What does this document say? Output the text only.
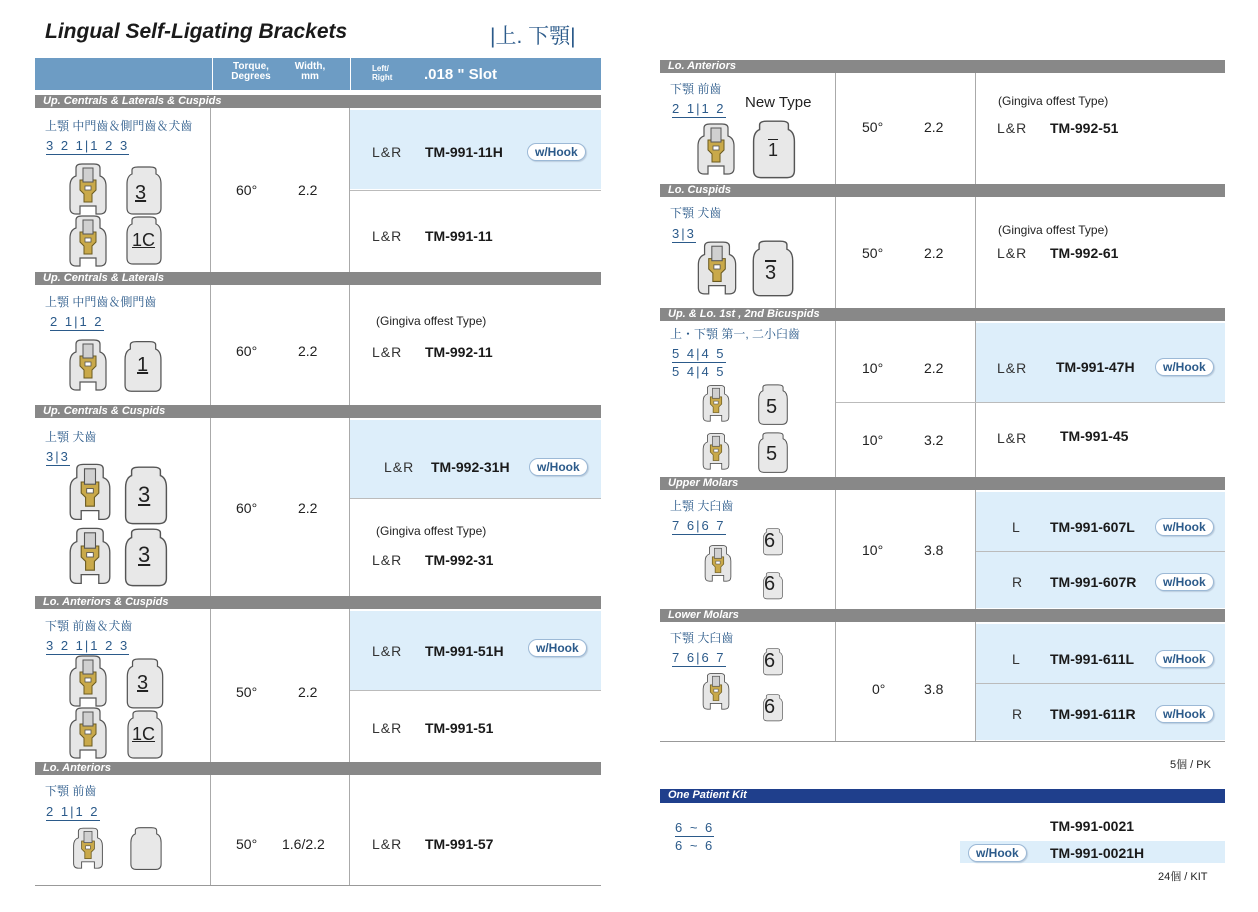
Lingual Self-Ligating Brackets	|上. 下顎|
Torque, Degrees
Width, mm
Left/ Right	.018 " Slot
Up. Centrals & Laterals & Cuspids
上顎 中門齒＆側門齒＆犬齒
3 2 1|1 2 3
3
1C
60°	2.2
L&R TM-991-11H	w/Hook
L&R TM-991-11
Up. Centrals & Laterals
上顎 中門齒＆側門齒
2 1|1 2
1
60°	2.2
(Gingiva offest Type)
L&R TM-992-11
Up. Centrals & Cuspids
上顎 犬齒
3|3
3
3
60°	2.2
L&R TM-992-31H	w/Hook
(Gingiva offest Type)
L&R TM-992-31
Lo. Anteriors & Cuspids
下顎 前齒＆犬齒
3 2 1|1 2 3
3
1C
50°	2.2
L&R TM-991-51H	w/Hook
L&R TM-991-51
Lo. Anteriors
下顎 前齒
2 1|1 2
50° 1.6/2.2	L&R TM-991-57
Lo. Anteriors
下顎 前齒
2 1|1 2 New Type
1
50°	2.2
(Gingiva offest Type)
L&R TM-992-51
Lo. Cuspids
下顎 犬齒
3|3
3
50°	2.2
(Gingiva offest Type)
L&R TM-992-61
Up. & Lo. 1st , 2nd Bicuspids
上・下顎 第一, 二小臼齒
5 4|4 5
5 4|4 5
5
5
10°	2.2	L&R TM-991-47H	w/Hook
10°	3.2	L&R TM-991-45
Upper Molars
上顎 大臼齒
7 6|6 7
6
6
10°	3.8
L TM-991-607L	w/Hook
R TM-991-607R	w/Hook
Lower Molars
下顎 大臼齒
7 6|6 7 6
6
0°	3.8
L TM-991-611L	w/Hook
R TM-991-611R	w/Hook
5個 / PK
One Patient Kit
6 ~ 6
6 ~ 6
TM-991-0021
w/Hook	TM-991-0021H
24個 / KIT
